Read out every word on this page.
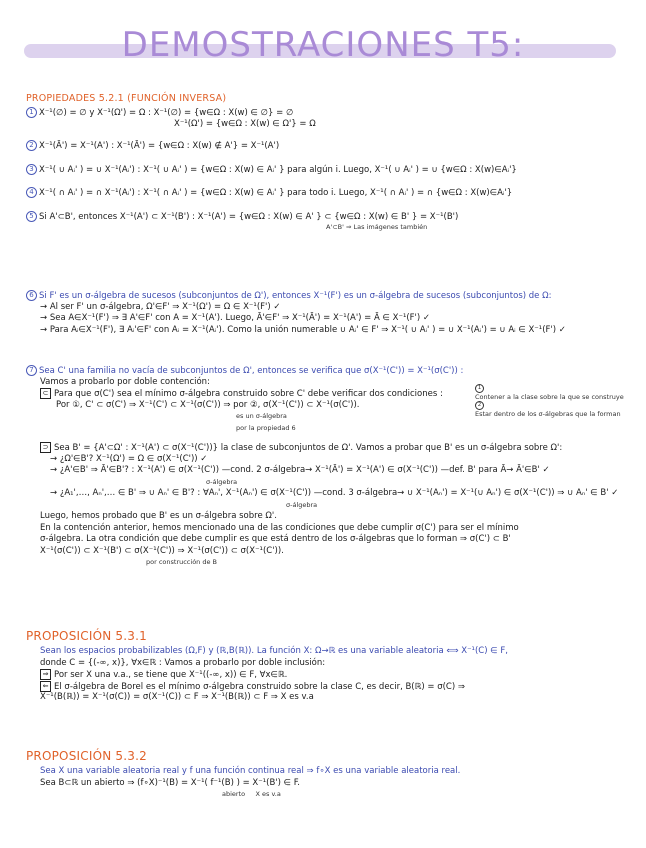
DEMOSTRACIONES T5:
PROPIEDADES 5.2.1 (FUNCIÓN INVERSA)
1 X⁻¹(∅) = ∅ y X⁻¹(Ω') = Ω : X⁻¹(∅) = {w∈Ω : X(w) ∈ ∅} = ∅
X⁻¹(Ω') = {w∈Ω : X(w) ∈ Ω'} = Ω
2 X⁻¹(Ā') = X⁻¹(A') : X⁻¹(Ā') = {w∈Ω : X(w) ∉ A'} = X⁻¹(A')
3 X⁻¹( ∪ Aᵢ' ) = ∪ X⁻¹(Aᵢ') : X⁻¹( ∪ Aᵢ' ) = {w∈Ω : X(w) ∈ Aᵢ' } para algún i. Luego, X⁻¹( ∪ Aᵢ' ) = ∪ {w∈Ω : X(w)∈Aᵢ'}
4 X⁻¹( ∩ Aᵢ' ) = ∩ X⁻¹(Aᵢ') : X⁻¹( ∩ Aᵢ' ) = {w∈Ω : X(w) ∈ Aᵢ' } para todo i. Luego, X⁻¹( ∩ Aᵢ' ) = ∩ {w∈Ω : X(w)∈Aᵢ'}
5 Si A'⊂B', entonces X⁻¹(A') ⊂ X⁻¹(B') : X⁻¹(A') = {w∈Ω : X(w) ∈ A' } ⊂ {w∈Ω : X(w) ∈ B' } = X⁻¹(B')
A'⊂B' ⇒ Las imágenes también
6 Si F' es un σ-álgebra de sucesos (subconjuntos de Ω'), entonces X⁻¹(F') es un σ-álgebra de sucesos (subconjuntos) de Ω:
→ Al ser F' un σ-álgebra, Ω'∈F' ⇒ X⁻¹(Ω') = Ω ∈ X⁻¹(F') ✓
→ Sea A∈X⁻¹(F') ⇒ ∃ A'∈F' con A = X⁻¹(A'). Luego, Ā'∈F' ⇒ X⁻¹(Ā') = X⁻¹(A') = Ā ∈ X⁻¹(F') ✓
→ Para Aᵢ∈X⁻¹(F'), ∃ Aᵢ'∈F' con Aᵢ = X⁻¹(Aᵢ'). Como la unión numerable ∪ Aᵢ' ∈ F' ⇒ X⁻¹( ∪ Aᵢ' ) = ∪ X⁻¹(Aᵢ') = ∪ Aᵢ ∈ X⁻¹(F') ✓
7 Sea C' una familia no vacía de subconjuntos de Ω', entonces se verifica que σ(X⁻¹(C')) = X⁻¹(σ(C')) :
Vamos a probarlo por doble contención:
⊂ Para que σ(C') sea el mínimo σ-álgebra construido sobre C' debe verificar dos condiciones :
Por ①, C' ⊂ σ(C') ⇒ X⁻¹(C') ⊂ X⁻¹(σ(C')) ⇒ por ②, σ(X⁻¹(C')) ⊂ X⁻¹(σ(C')).
es un σ-álgebra
por la propiedad 6
⊃ Sea B' = {A'⊂Ω' : X⁻¹(A') ⊂ σ(X⁻¹(C'))} la clase de subconjuntos de Ω'. Vamos a probar que B' es un σ-álgebra sobre Ω':
→ ¿Ω'∈B'? X⁻¹(Ω') = Ω ∈ σ(X⁻¹(C')) ✓
→ ¿A'∈B' ⇒ Ā'∈B'? : X⁻¹(A') ∈ σ(X⁻¹(C')) —cond. 2 σ-álgebra→ X⁻¹(Ā') = X⁻¹(A') ∈ σ(X⁻¹(C')) —def. B' para Ā→ Ā'∈B' ✓
σ-álgebra
→ ¿A₁',…, Aₙ',… ∈ B' ⇒ ∪ Aₙ' ∈ B'? : ∀Aₙ', X⁻¹(Aₙ') ∈ σ(X⁻¹(C')) —cond. 3 σ-álgebra→ ∪ X⁻¹(Aₙ') = X⁻¹(∪ Aₙ') ∈ σ(X⁻¹(C')) ⇒ ∪ Aₙ' ∈ B' ✓
σ-álgebra
Luego, hemos probado que B' es un σ-álgebra sobre Ω'.
En la contención anterior, hemos mencionado una de las condiciones que debe cumplir σ(C') para ser el mínimo
σ-álgebra. La otra condición que debe cumplir es que está dentro de los σ-álgebras que lo forman ⇒ σ(C') ⊂ B'
X⁻¹(σ(C')) ⊂ X⁻¹(B') ⊂ σ(X⁻¹(C')) ⇒ X⁻¹(σ(C')) ⊂ σ(X⁻¹(C')).
por construcción de B
1
Contener a la clase sobre la que se construye
2
Estar dentro de los σ-álgebras que la forman
PROPOSICIÓN 5.3.1
Sean los espacios probabilizables (Ω,F) y (ℝ,B(ℝ)). La función X: Ω→ℝ es una variable aleatoria ⟺ X⁻¹(C) ∈ F,
donde C = {(-∞, x)}, ∀x∈ℝ : Vamos a probarlo por doble inclusión:
⇒ Por ser X una v.a., se tiene que X⁻¹((-∞, x)) ∈ F, ∀x∈ℝ.
⇐ El σ-álgebra de Borel es el mínimo σ-álgebra construido sobre la clase C, es decir, B(ℝ) = σ(C) ⇒
X⁻¹(B(ℝ)) = X⁻¹(σ(C)) = σ(X⁻¹(C)) ⊂ F ⇒ X⁻¹(B(ℝ)) ⊂ F ⇒ X es v.a
PROPOSICIÓN 5.3.2
Sea X una variable aleatoria real y f una función continua real ⇒ f∘X es una variable aleatoria real.
Sea B⊂ℝ un abierto ⇒ (f∘X)⁻¹(B) = X⁻¹( f⁻¹(B) ) = X⁻¹(B') ∈ F.
abierto X es v.a
